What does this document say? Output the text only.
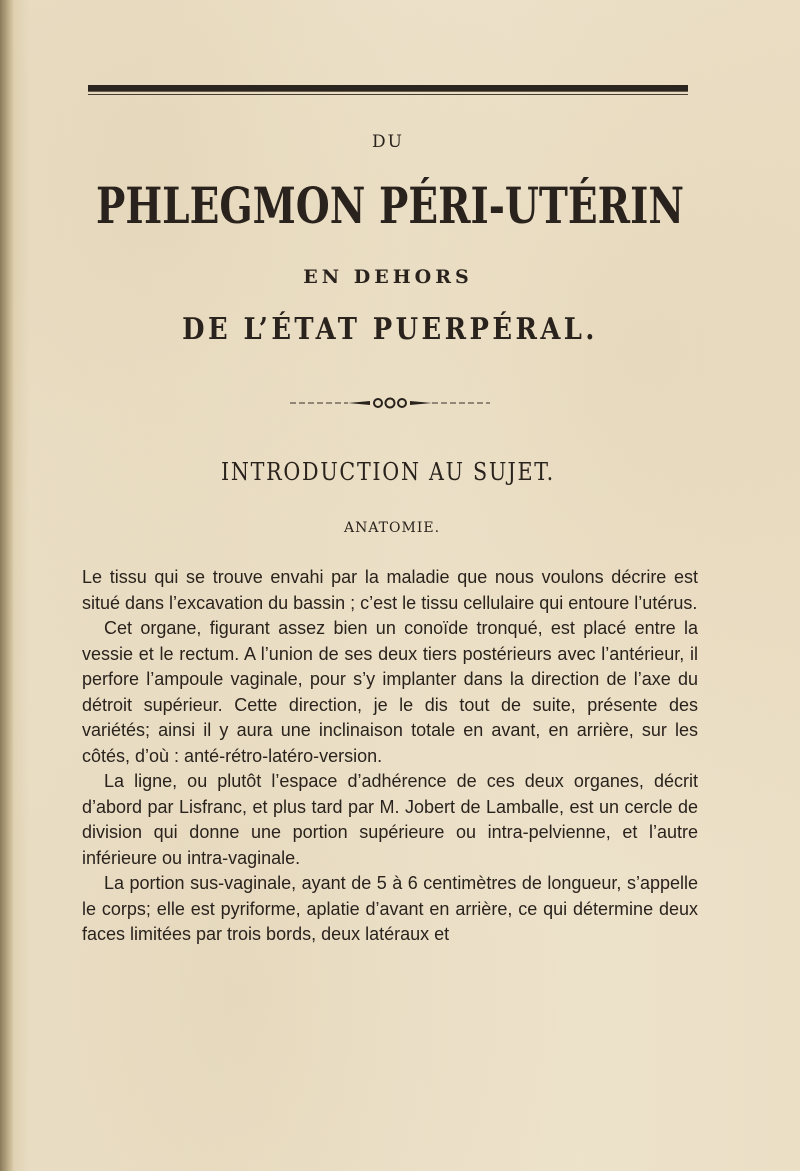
DU
PHLEGMON PÉRI-UTÉRIN
EN DEHORS
DE L’ÉTAT PUERPÉRAL.
INTRODUCTION AU SUJET.
ANATOMIE.

Le tissu qui se trouve envahi par la maladie que nous voulons décrire est situé dans l’excavation du bassin ; c’est le tissu cellulaire qui entoure l’utérus.

Cet organe, figurant assez bien un conoïde tronqué, est placé entre la vessie et le rectum. A l’union de ses deux tiers postérieurs avec l’antérieur, il perfore l’ampoule vaginale, pour s’y implanter dans la direction de l’axe du détroit supérieur. Cette direction, je le dis tout de suite, présente des variétés; ainsi il y aura une inclinaison totale en avant, en arrière, sur les côtés, d’où : anté-rétro-latéro-version.

La ligne, ou plutôt l’espace d’adhérence de ces deux organes, décrit d’abord par Lisfranc, et plus tard par M. Jobert de Lamballe, est un cercle de division qui donne une portion supérieure ou intra-pelvienne, et l’autre inférieure ou intra-vaginale.

La portion sus-vaginale, ayant de 5 à 6 centimètres de longueur, s’appelle le corps; elle est pyriforme, aplatie d’avant en arrière, ce qui détermine deux faces limitées par trois bords, deux latéraux et
